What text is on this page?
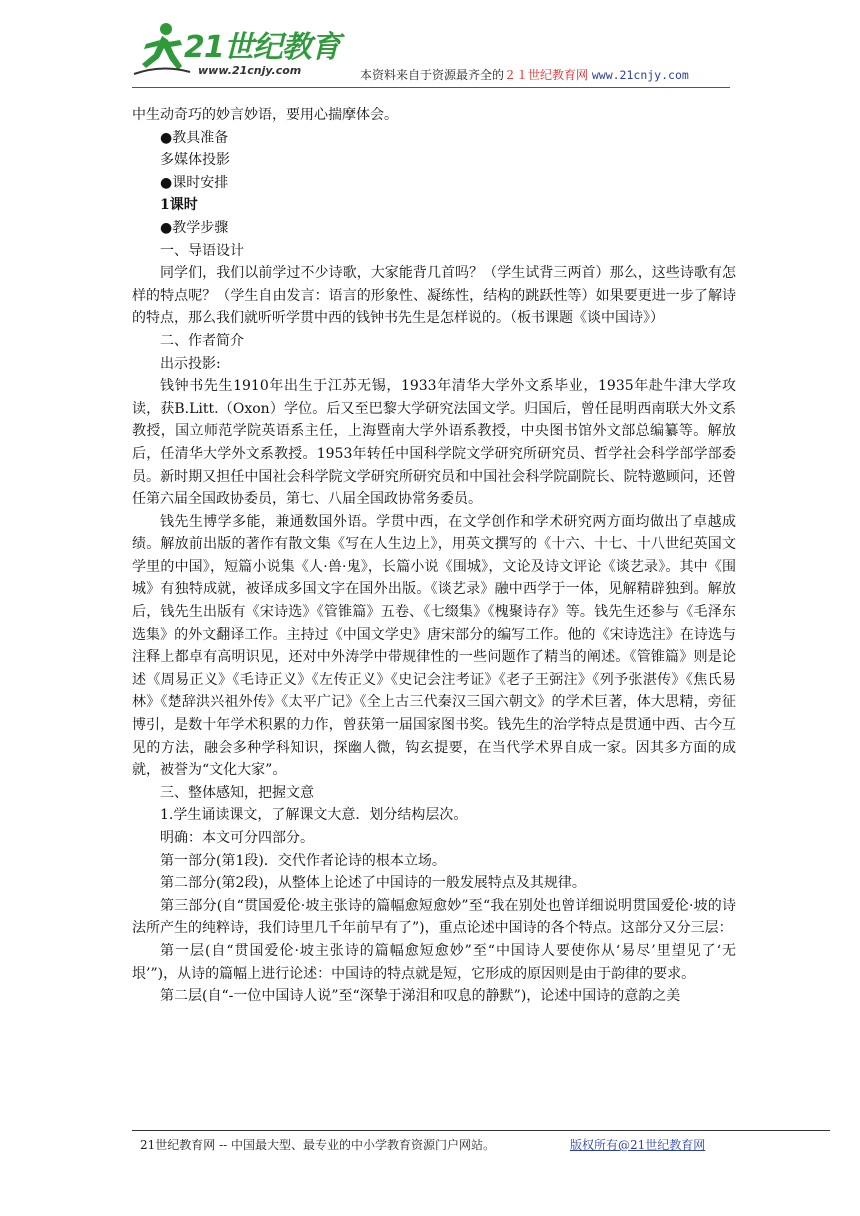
21世纪教育
www.21cnjy.com	本资料来自于资源最齐全的２１世纪教育网 www.21cnjy.com

中生动奇巧的妙言妙语，要用心揣摩体会。

●教具准备

多媒体投影

●课时安排

1课时

●教学步骤

一、导语设计

同学们，我们以前学过不少诗歌，大家能背几首吗？（学生试背三两首）那么，这些诗歌有怎样的特点呢？（学生自由发言：语言的形象性、凝练性，结构的跳跃性等）如果要更进一步了解诗的特点，那么我们就听听学贯中西的钱钟书先生是怎样说的。（板书课题《谈中国诗》）

二、作者简介

出示投影:

钱钟书先生1910年出生于江苏无锡，1933年清华大学外文系毕业，1935年赴牛津大学攻读，获B.Litt.（Oxon）学位。后又至巴黎大学研究法国文学。归国后，曾任昆明西南联大外文系教授，国立师范学院英语系主任，上海暨南大学外语系教授，中央图书馆外文部总编纂等。解放后，任清华大学外文系教授。1953年转任中国科学院文学研究所研究员、哲学社会科学部学部委员。新时期又担任中国社会科学院文学研究所研究员和中国社会科学院副院长、院特邀顾问，还曾任第六届全国政协委员，第七、八届全国政协常务委员。

钱先生博学多能，兼通数国外语。学贯中西，在文学创作和学术研究两方面均做出了卓越成绩。解放前出版的著作有散文集《写在人生边上》，用英文撰写的《十六、十七、十八世纪英国文学里的中国》，短篇小说集《人·兽·鬼》，长篇小说《围城》，文论及诗文评论《谈艺录》。其中《围城》有独特成就，被译成多国文字在国外出版。《谈艺录》融中西学于一体，见解精辟独到。解放后，钱先生出版有《宋诗选》《管锥篇》五卷、《七缀集》《槐聚诗存》等。钱先生还参与《毛泽东选集》的外文翻译工作。主持过《中国文学史》唐宋部分的编写工作。他的《宋诗选注》在诗选与注释上都卓有高明识见，还对中外涛学中带规律性的一些问题作了精当的阐述。《管锥篇》则是论述《周易正义》《毛诗正义》《左传正义》《史记会注考证》《老子王弼注》《列予张湛传》《焦氏易林》《楚辞洪兴祖外传》《太平广记》《全上古三代秦汉三国六朝文》的学术巨著，体大思精，旁征博引，是数十年学术积累的力作，曾获第一届国家图书奖。钱先生的治学特点是贯通中西、古今互见的方法，融会多种学科知识，探幽人微，钩玄提要，在当代学术界自成一家。因其多方面的成就，被誉为“文化大家”。

三、整体感知，把握文意

1.学生诵读课文，了解课文大意．划分结构层次。

明确：本文可分四部分。

第一部分(第1段)．交代作者论诗的根本立场。

第二部分(第2段)，从整体上论述了中国诗的一般发展特点及其规律。

第三部分(自“贯国爱伦·坡主张诗的篇幅愈短愈妙”至“我在别处也曾详细说明贯国爱伦·坡的诗法所产生的纯粹诗，我们诗里几千年前早有了”)，重点论述中国诗的各个特点。这部分又分三层：

第一层(自“贯国爱伦·坡主张诗的篇幅愈短愈妙”至“中国诗人要使你从‘易尽’里望见了‘无垠’”)，从诗的篇幅上进行论述：中国诗的特点就是短，它形成的原因则是由于韵律的要求。

第二层(自“-一位中国诗人说”至“深挚于涕泪和叹息的静默”)，论述中国诗的意韵之美

21世纪教育网 -- 中国最大型、最专业的中小学教育资源门户网站。	版权所有@21世纪教育网
